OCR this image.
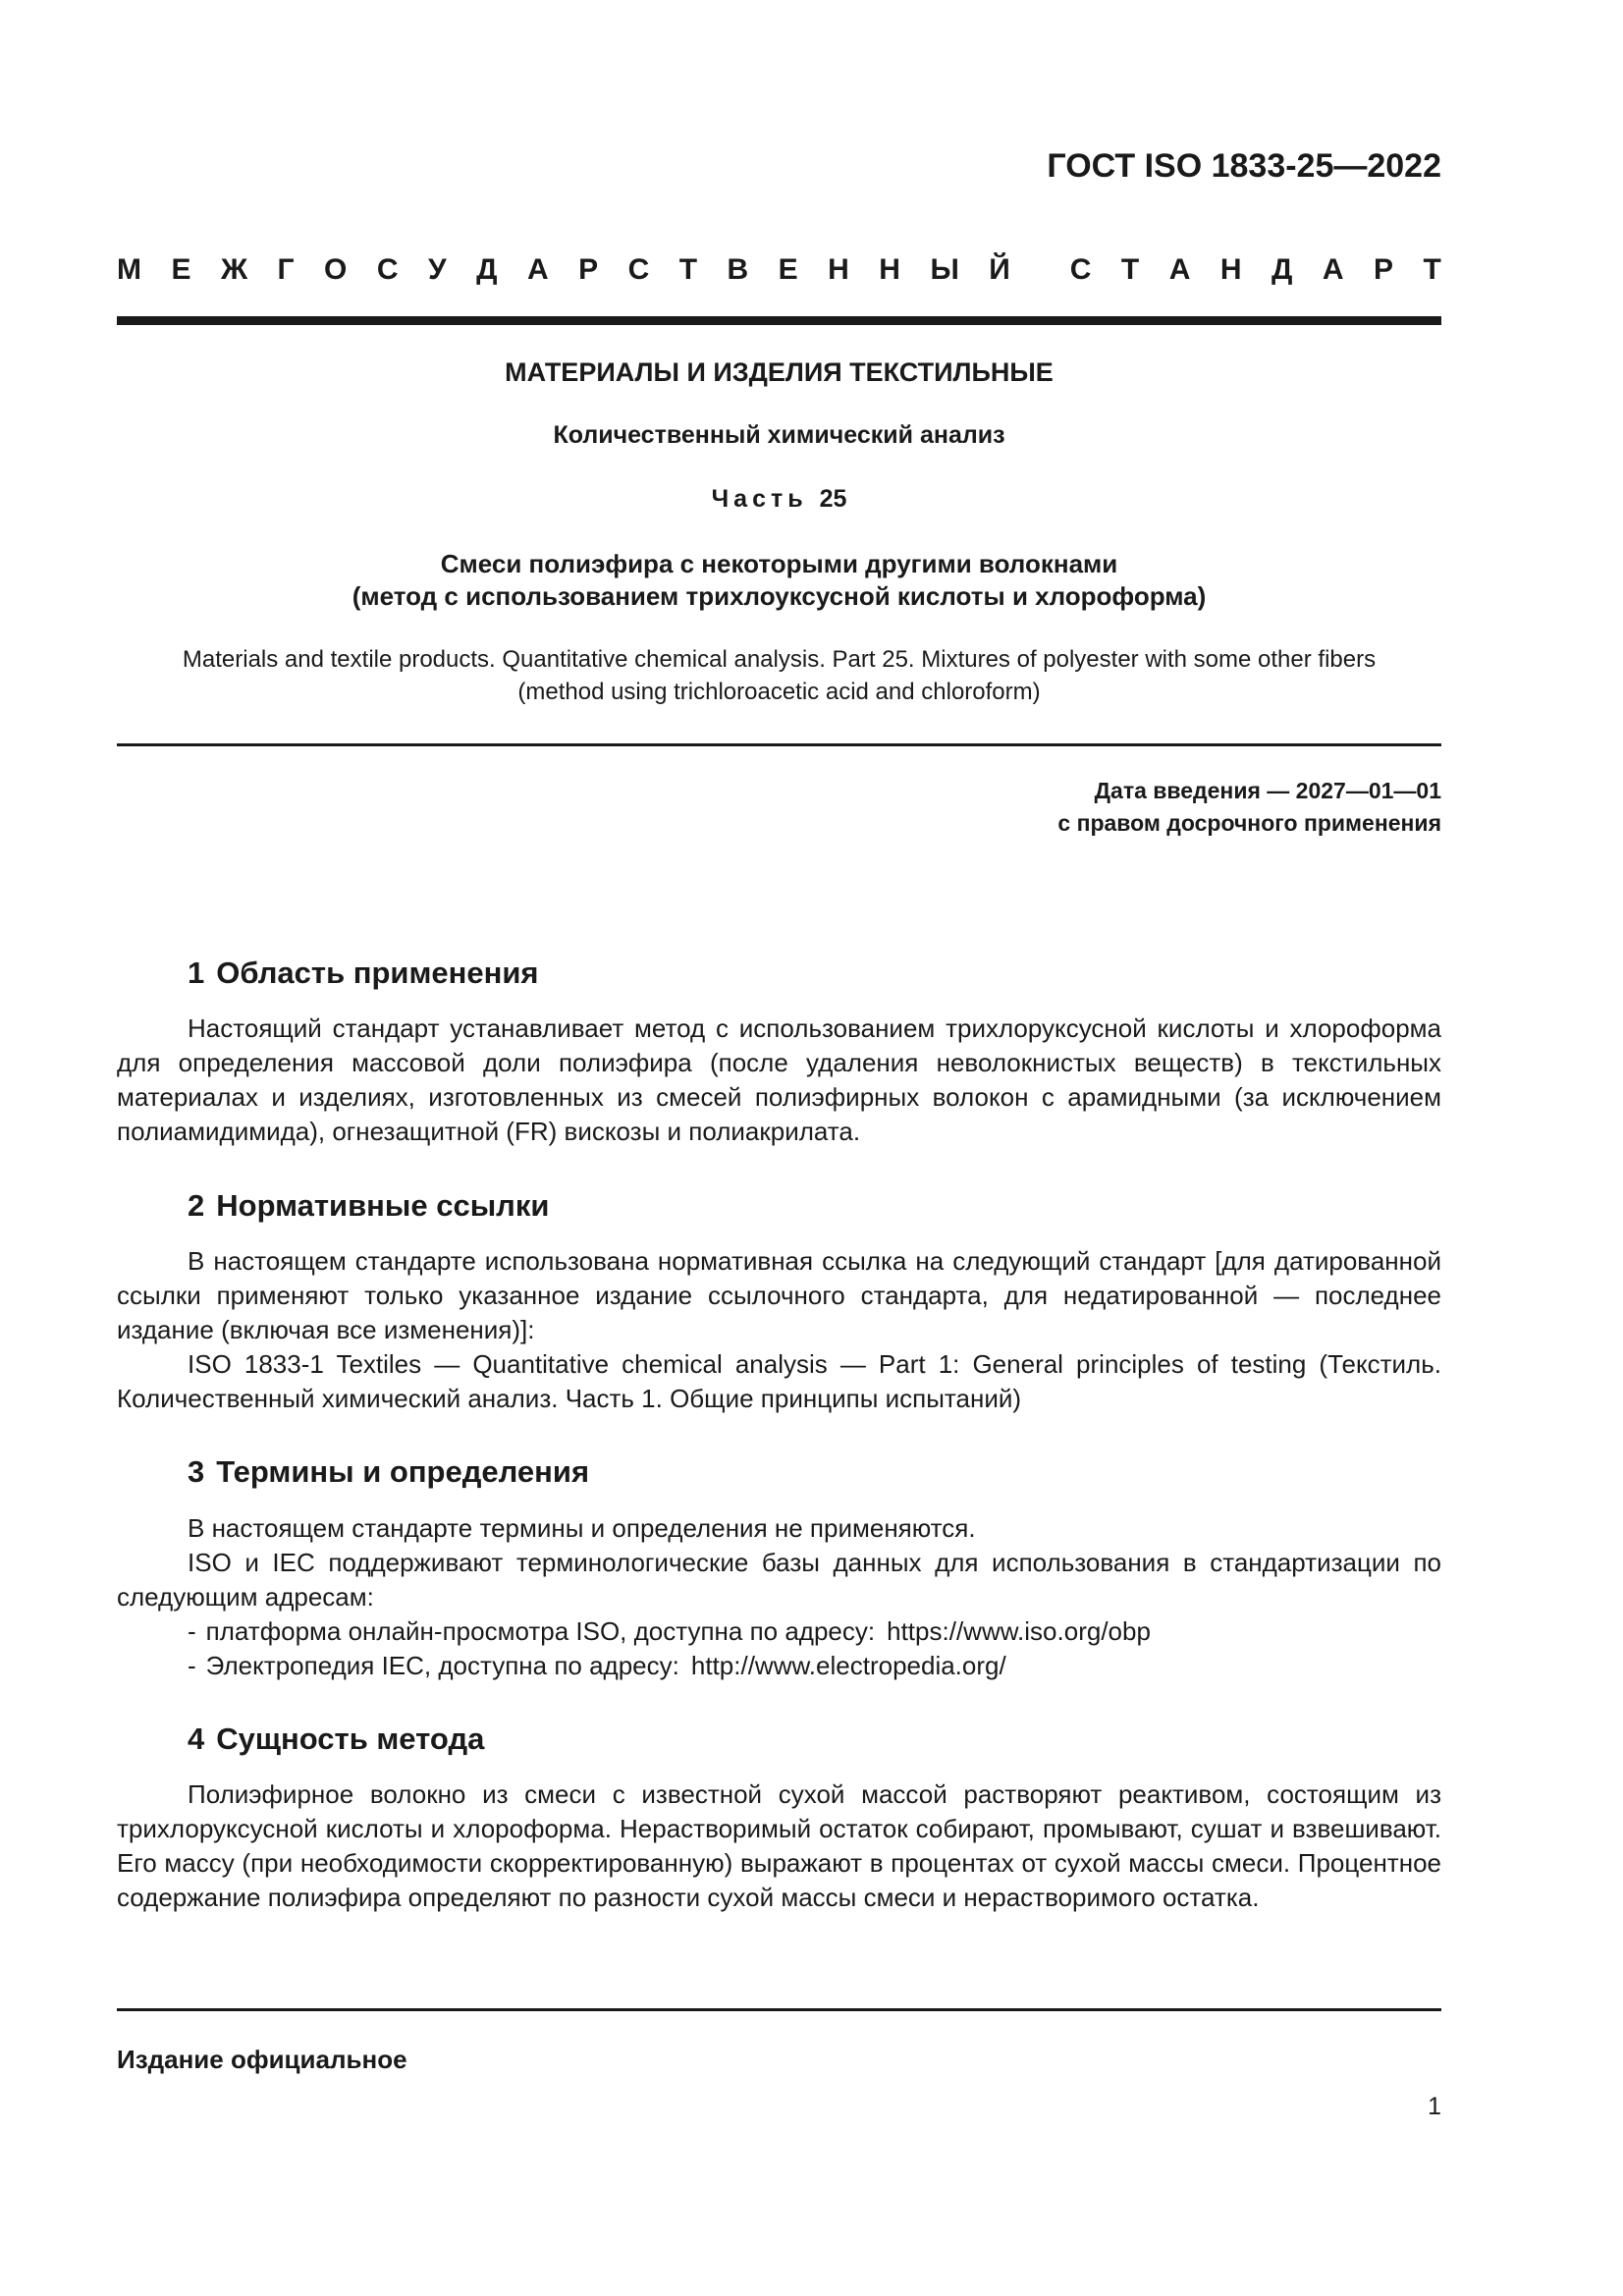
ГОСТ ISO 1833-25—2022
М Е Ж Г О С У Д А Р С Т В Е Н Н Ы Й С Т А Н Д А Р Т
МАТЕРИАЛЫ И ИЗДЕЛИЯ ТЕКСТИЛЬНЫЕ
Количественный химический анализ
Часть 25
Смеси полиэфира с некоторыми другими волокнами
(метод с использованием трихлоуксусной кислоты и хлороформа)
Materials and textile products. Quantitative chemical analysis. Part 25. Mixtures of polyester with some other fibers
(method using trichloroacetic acid and chloroform)
Дата введения — 2027—01—01
с правом досрочного применения
1 Область применения

Настоящий стандарт устанавливает метод с использованием трихлоруксусной кислоты и хлороформа для определения массовой доли полиэфира (после удаления неволокнистых веществ) в текстильных материалах и изделиях, изготовленных из смесей полиэфирных волокон с арамидными (за исключением полиамидимида), огнезащитной (FR) вискозы и полиакрилата.

2 Нормативные ссылки

В настоящем стандарте использована нормативная ссылка на следующий стандарт [для датированной ссылки применяют только указанное издание ссылочного стандарта, для недатированной — последнее издание (включая все изменения)]:

ISO 1833-1 Textiles — Quantitative chemical analysis — Part 1: General principles of testing (Текстиль. Количественный химический анализ. Часть 1. Общие принципы испытаний)

3 Термины и определения

В настоящем стандарте термины и определения не применяются.

ISO и IEC поддерживают терминологические базы данных для использования в стандартизации по следующим адресам:

- платформа онлайн-просмотра ISO, доступна по адресу: https://www.iso.org/obp
- Электропедия IEC, доступна по адресу: http://www.electropedia.org/
4 Сущность метода

Полиэфирное волокно из смеси с известной сухой массой растворяют реактивом, состоящим из трихлоруксусной кислоты и хлороформа. Нерастворимый остаток собирают, промывают, сушат и взвешивают. Его массу (при необходимости скорректированную) выражают в процентах от сухой массы смеси. Процентное содержание полиэфира определяют по разности сухой массы смеси и нерастворимого остатка.

Издание официальное
1
